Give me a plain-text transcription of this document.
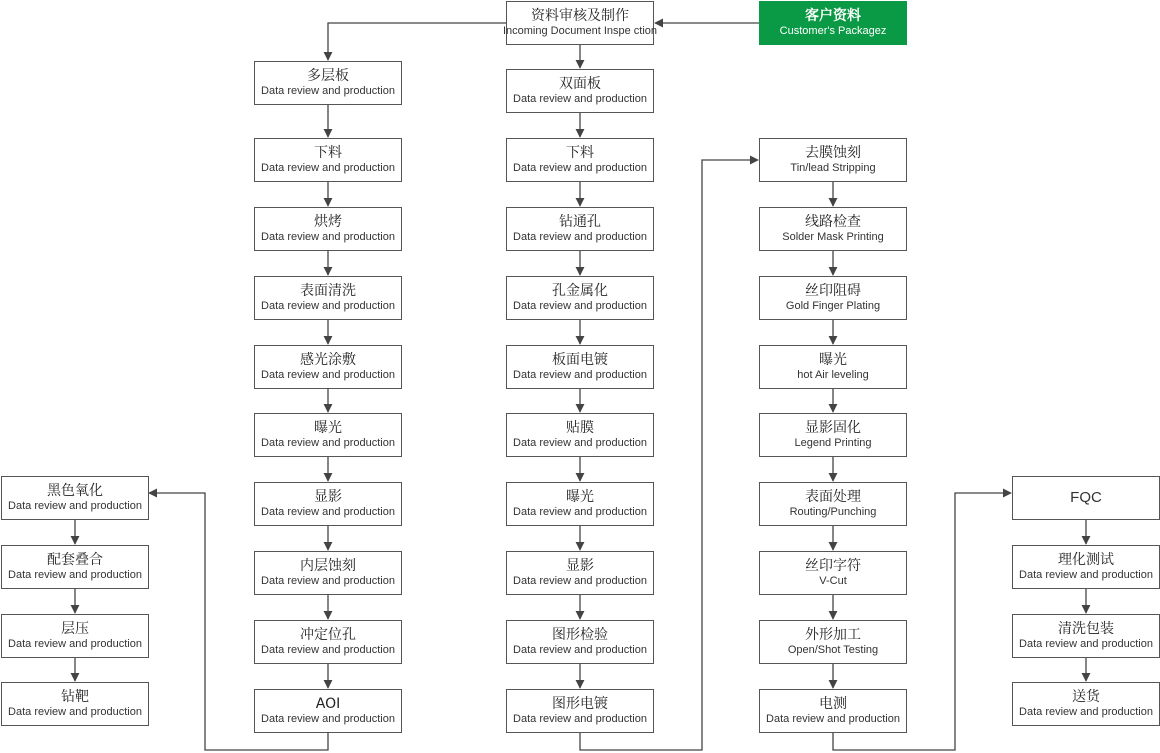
客户资料
Customer's Packagez
资料审核及制作
Incoming Document Inspe ction
多层板
Data review and production
下料
Data review and production
烘烤
Data review and production
表面清洗
Data review and production
感光涂敷
Data review and production
曝光
Data review and production
显影
Data review and production
内层蚀刻
Data review and production
冲定位孔
Data review and production
AOI
Data review and production
黑色氧化
Data review and production
配套叠合
Data review and production
层压
Data review and production
钻靶
Data review and production
双面板
Data review and production
下料
Data review and production
钻通孔
Data review and production
孔金属化
Data review and production
板面电镀
Data review and production
贴膜
Data review and production
曝光
Data review and production
显影
Data review and production
图形检验
Data review and production
图形电镀
Data review and production
去膜蚀刻
Tin/lead Stripping
线路检查
Solder Mask Printing
丝印阻碍
Gold Finger Plating
曝光
hot Air leveling
显影固化
Legend Printing
表面处理
Routing/Punching
丝印字符
V-Cut
外形加工
Open/Shot Testing
电测
Data review and production
FQC
理化测试
Data review and production
清洗包装
Data review and production
送货
Data review and production
